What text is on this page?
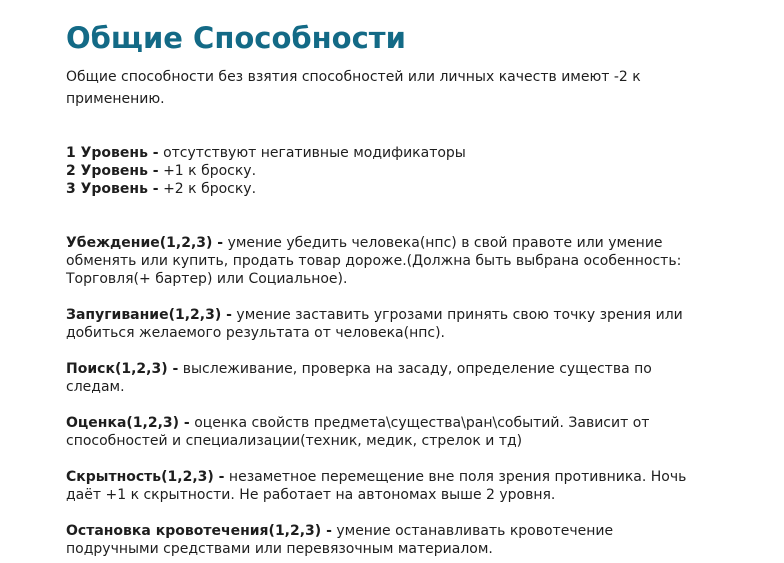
Общие Способности

Общие способности без взятия способностей или личных качеств имеют -2 к применению.

1 Уровень - отсутствуют негативные модификаторы
2 Уровень - +1 к броску.
3 Уровень - +2 к броску.
Убеждение(1,2,3) - умение убедить человека(нпс) в свой правоте или умение обменять или купить, продать товар дороже.(Должна быть выбрана особенность: Торговля(+ бартер) или Социальное).
Запугивание(1,2,3) - умение заставить угрозами принять свою точку зрения или добиться желаемого результата от человека(нпс).
Поиск(1,2,3) - выслеживание, проверка на засаду, определение существа по следам.
Оценка(1,2,3) - оценка свойств предмета\существа\ран\событий. Зависит от способностей и специализации(техник, медик, стрелок и тд)
Скрытность(1,2,3) - незаметное перемещение вне поля зрения противника. Ночь даёт +1 к скрытности. Не работает на автономах выше 2 уровня.
Остановка кровотечения(1,2,3) - умение останавливать кровотечение подручными средствами или перевязочным материалом.
